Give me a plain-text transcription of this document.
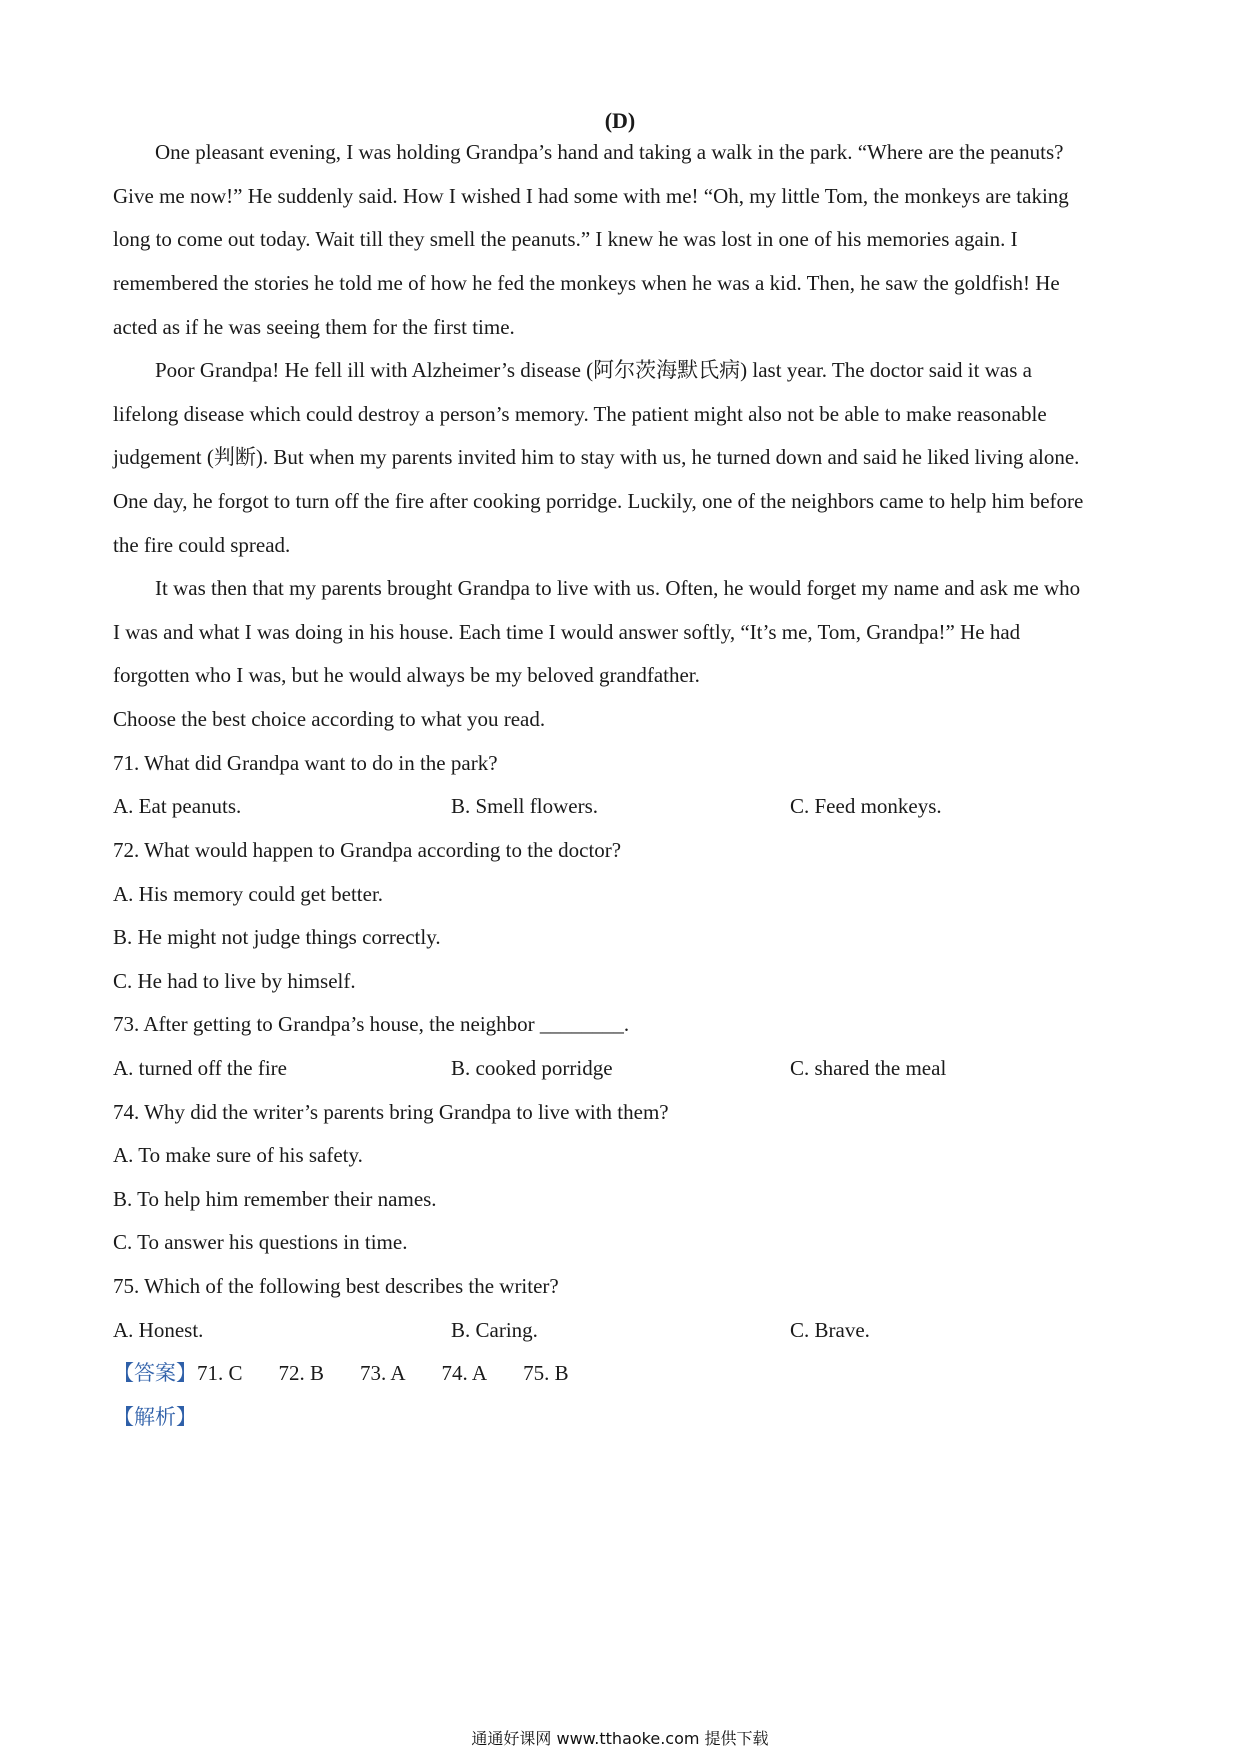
(D)
One pleasant evening, I was holding Grandpa’s hand and taking a walk in the park. “Where are the peanuts?
Give me now!” He suddenly said. How I wished I had some with me! “Oh, my little Tom, the monkeys are taking
long to come out today. Wait till they smell the peanuts.” I knew he was lost in one of his memories again. I
remembered the stories he told me of how he fed the monkeys when he was a kid. Then, he saw the goldfish! He
acted as if he was seeing them for the first time.
Poor Grandpa! He fell ill with Alzheimer’s disease (阿尔茨海默氏病) last year. The doctor said it was a
lifelong disease which could destroy a person’s memory. The patient might also not be able to make reasonable
judgement (判断). But when my parents invited him to stay with us, he turned down and said he liked living alone.
One day, he forgot to turn off the fire after cooking porridge. Luckily, one of the neighbors came to help him before
the fire could spread.
It was then that my parents brought Grandpa to live with us. Often, he would forget my name and ask me who
I was and what I was doing in his house. Each time I would answer softly, “It’s me, Tom, Grandpa!” He had
forgotten who I was, but he would always be my beloved grandfather.
Choose the best choice according to what you read.
71. What did Grandpa want to do in the park?
A. Eat peanuts.	B. Smell flowers.	C. Feed monkeys.
72. What would happen to Grandpa according to the doctor?
A. His memory could get better.
B. He might not judge things correctly.
C. He had to live by himself.
73. After getting to Grandpa’s house, the neighbor ________.
A. turned off the fire	B. cooked porridge	C. shared the meal
74. Why did the writer’s parents bring Grandpa to live with them?
A. To make sure of his safety.
B. To help him remember their names.
C. To answer his questions in time.
75. Which of the following best describes the writer?
A. Honest.	B. Caring.	C. Brave.
【答案】71. C 72. B 73. A 74. A 75. B
【解析】
通通好课网 www.tthaoke.com 提供下载
